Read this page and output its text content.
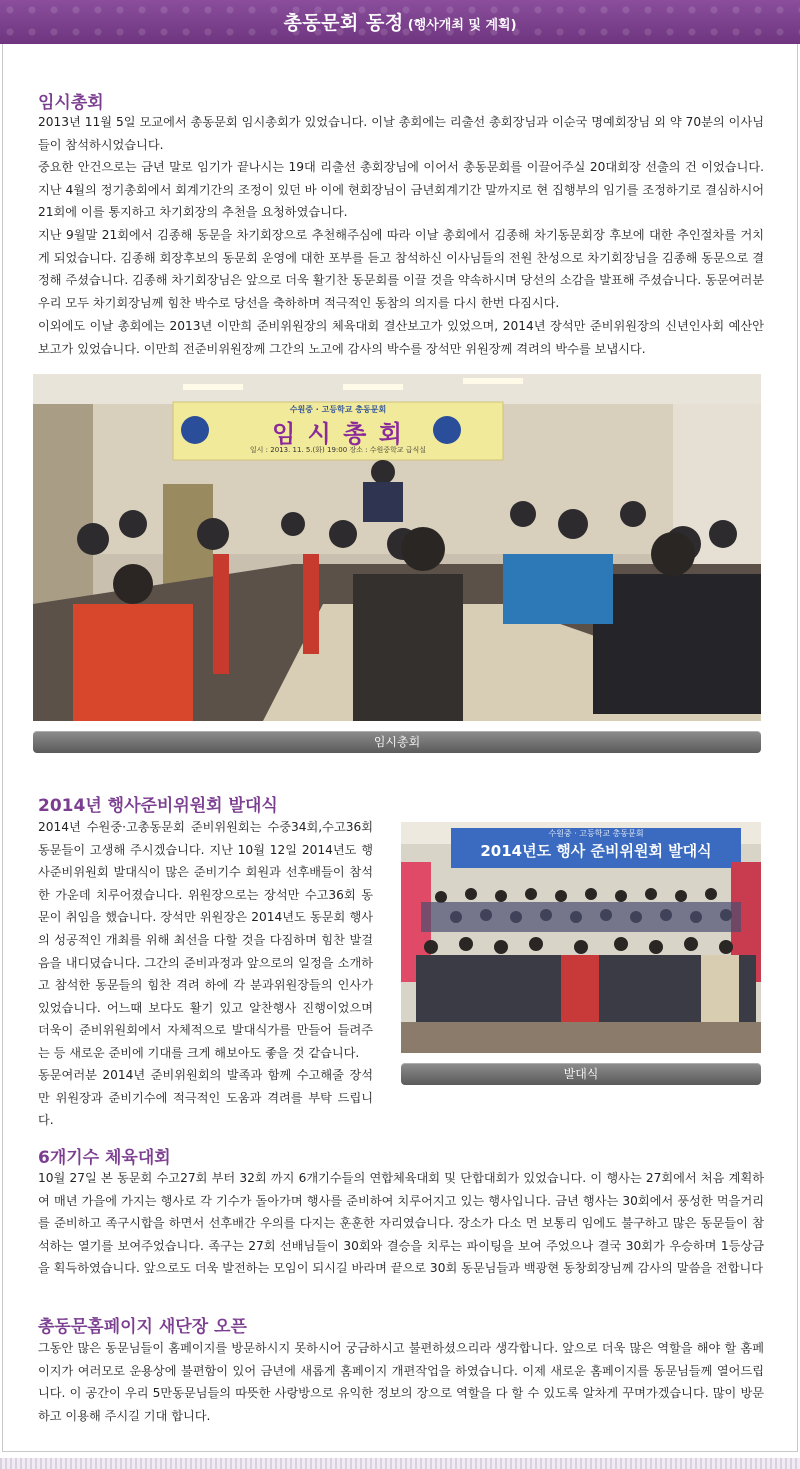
총동문회 동정 (행사개최 및 계획)
임시총회

2013년 11월 5일 모교에서 총동문회 임시총회가 있었습니다. 이날 총회에는 리출선 총회장님과 이순국 명예회장님 외 약 70분의 이사님들이 참석하시었습니다.

중요한 안건으로는 금년 말로 임기가 끝나시는 19대 리출선 총회장님에 이어서 총동문회를 이끌어주실 20대회장 선출의 건 이었습니다. 지난 4월의 정기총회에서 회계기간의 조정이 있던 바 이에 현회장님이 금년회계기간 말까지로 현 집행부의 임기를 조정하기로 결심하시어 21회에 이를 통지하고 차기회장의 추천을 요청하였습니다.

지난 9월말 21회에서 김종해 동문을 차기회장으로 추천해주심에 따라 이날 총회에서 김종해 차기동문회장 후보에 대한 추인절차를 거치게 되었습니다. 김종해 회장후보의 동문회 운영에 대한 포부를 듣고 참석하신 이사님들의 전원 찬성으로 차기회장님을 김종해 동문으로 결정해 주셨습니다. 김종해 차기회장님은 앞으로 더욱 활기찬 동문회를 이끌 것을 약속하시며 당선의 소감을 발표해 주셨습니다. 동문여러분 우리 모두 차기회장님께 힘찬 박수로 당선을 축하하며 적극적인 동참의 의지를 다시 한번 다짐시다.

이외에도 이날 총회에는 2013년 이만희 준비위원장의 체육대회 결산보고가 있었으며, 2014년 장석만 준비위원장의 신년인사회 예산안 보고가 있었습니다. 이만희 전준비위원장께 그간의 노고에 감사의 박수를 장석만 위원장께 격려의 박수를 보냅시다.

수원중 · 고등학교 총동문회
임 시 총 회
일시 : 2013. 11. 5.(화) 19:00 장소 : 수원중학교 급식실
임시총회
2014년 행사준비위원회 발대식

2014년 수원중·고총동문회 준비위원회는 수중34회,수고36회 동문들이 고생해 주시겠습니다. 지난 10월 12일 2014년도 행사준비위원회 발대식이 많은 준비기수 회원과 선후배들이 참석한 가운데 치루어졌습니다. 위원장으로는 장석만 수고36회 동문이 취임을 했습니다. 장석만 위원장은 2014년도 동문회 행사의 성공적인 개최를 위해 최선을 다할 것을 다짐하며 힘찬 발걸음을 내디뎠습니다. 그간의 준비과정과 앞으로의 일정을 소개하고 참석한 동문들의 힘찬 격려 하에 각 분과위원장들의 인사가 있었습니다. 어느때 보다도 활기 있고 알찬행사 진행이었으며 더욱이 준비위원회에서 자체적으로 발대식가를 만들어 들려주는 등 새로운 준비에 기대를 크게 해보아도 좋을 것 같습니다.

동문여러분 2014년 준비위원회의 발족과 함께 수고해줄 장석만 위원장과 준비기수에 적극적인 도움과 격려를 부탁 드립니다.

수원중 · 고등학교 총동문회
2014년도 행사 준비위원회 발대식
발대식
6개기수 체육대회

10월 27일 본 동문회 수고27회 부터 32회 까지 6개기수들의 연합체육대회 및 단합대회가 있었습니다. 이 행사는 27회에서 처음 계획하여 매년 가을에 가지는 행사로 각 기수가 돌아가며 행사를 준비하여 치루어지고 있는 행사입니다. 금년 행사는 30회에서 풍성한 먹을거리를 준비하고 족구시합을 하면서 선후배간 우의를 다지는 훈훈한 자리였습니다. 장소가 다소 먼 보통리 임에도 불구하고 많은 동문들이 참석하는 열기를 보여주었습니다. 족구는 27회 선배님들이 30회와 결승을 치루는 파이팅을 보여 주었으나 결국 30회가 우승하며 1등상금을 획득하였습니다. 앞으로도 더욱 발전하는 모임이 되시길 바라며 끝으로 30회 동문님들과 백광현 동창회장님께 감사의 말씀을 전합니다

총동문홈페이지 새단장 오픈

그동안 많은 동문님들이 홈페이지를 방문하시지 못하시어 궁금하시고 불편하셨으리라 생각합니다. 앞으로 더욱 많은 역할을 해야 할 홈페이지가 여러모로 운용상에 불편함이 있어 금년에 새롭게 홈페이지 개편작업을 하였습니다. 이제 새로운 홈페이지를 동문님들께 열어드립니다. 이 공간이 우리 5만동문님들의 따뜻한 사랑방으로 유익한 정보의 장으로 역할을 다 할 수 있도록 알차게 꾸며가겠습니다. 많이 방문하고 이용해 주시길 기대 합니다.
